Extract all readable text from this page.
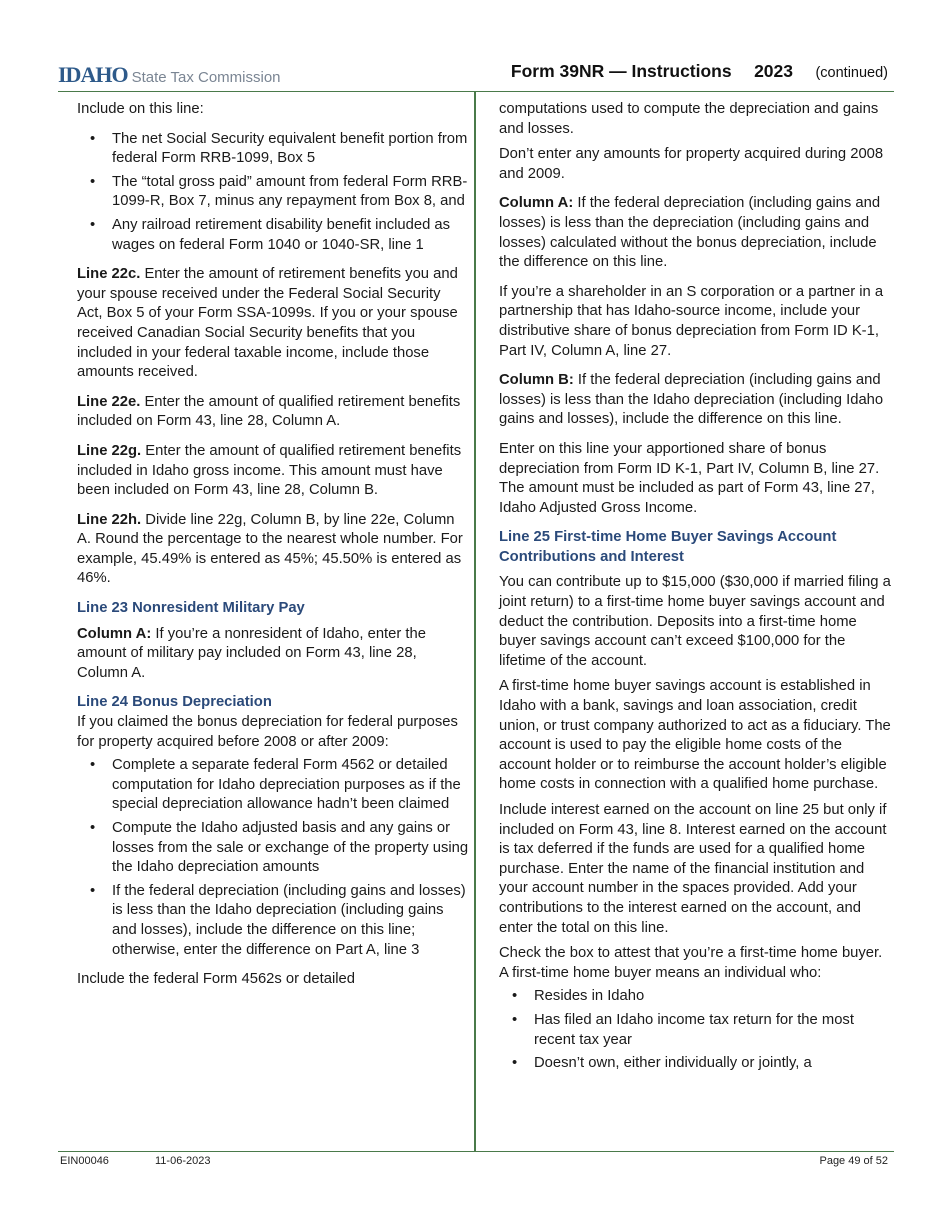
IDAHO State Tax Commission	Form 39NR — Instructions 2023 (continued)

Include on this line:

• The net Social Security equivalent benefit portion from federal Form RRB-1099, Box 5
• The “total gross paid” amount from federal Form RRB-1099-R, Box 7, minus any repayment from Box 8, and
• Any railroad retirement disability benefit included as wages on federal Form 1040 or 1040-SR, line 1

Line 22c. Enter the amount of retirement benefits you and your spouse received under the Federal Social Security Act, Box 5 of your Form SSA-1099s. If you or your spouse received Canadian Social Security benefits that you included in your federal taxable income, include those amounts received.

Line 22e. Enter the amount of qualified retirement benefits included on Form 43, line 28, Column A.

Line 22g. Enter the amount of qualified retirement benefits included in Idaho gross income. This amount must have been included on Form 43, line 28, Column B.

Line 22h. Divide line 22g, Column B, by line 22e, Column A. Round the percentage to the nearest whole number. For example, 45.49% is entered as 45%; 45.50% is entered as 46%.

Line 23 Nonresident Military Pay

Column A: If you’re a nonresident of Idaho, enter the amount of military pay included on Form 43, line 28, Column A.

Line 24 Bonus Depreciation

If you claimed the bonus depreciation for federal purposes for property acquired before 2008 or after 2009:

• Complete a separate federal Form 4562 or detailed computation for Idaho depreciation purposes as if the special depreciation allowance hadn’t been claimed
• Compute the Idaho adjusted basis and any gains or losses from the sale or exchange of the property using the Idaho depreciation amounts
• If the federal depreciation (including gains and losses) is less than the Idaho depreciation (including gains and losses), include the difference on this line; otherwise, enter the difference on Part A, line 3

Include the federal Form 4562s or detailed

computations used to compute the depreciation and gains and losses.

Don’t enter any amounts for property acquired during 2008 and 2009.

Column A: If the federal depreciation (including gains and losses) is less than the depreciation (including gains and losses) calculated without the bonus depreciation, include the difference on this line.

If you’re a shareholder in an S corporation or a partner in a partnership that has Idaho-source income, include your distributive share of bonus depreciation from Form ID K-1, Part IV, Column A, line 27.

Column B: If the federal depreciation (including gains and losses) is less than the Idaho depreciation (including Idaho gains and losses), include the difference on this line.

Enter on this line your apportioned share of bonus depreciation from Form ID K-1, Part IV, Column B, line 27. The amount must be included as part of Form 43, line 27, Idaho Adjusted Gross Income.

Line 25 First-time Home Buyer Savings Account Contributions and Interest

You can contribute up to $15,000 ($30,000 if married filing a joint return) to a first-time home buyer savings account and deduct the contribution. Deposits into a first-time home buyer savings account can’t exceed $100,000 for the lifetime of the account.

A first-time home buyer savings account is established in Idaho with a bank, savings and loan association, credit union, or trust company authorized to act as a fiduciary. The account is used to pay the eligible home costs of the account holder or to reimburse the account holder’s eligible home costs in connection with a qualified home purchase.

Include interest earned on the account on line 25 but only if included on Form 43, line 8. Interest earned on the account is tax deferred if the funds are used for a qualified home purchase. Enter the name of the financial institution and your account number in the spaces provided. Add your contributions to the interest earned on the account, and enter the total on this line.

Check the box to attest that you’re a first-time home buyer. A first-time home buyer means an individual who:

• Resides in Idaho
• Has filed an Idaho income tax return for the most recent tax year
• Doesn’t own, either individually or jointly, a
EIN00046	11-06-2023	Page 49 of 52
